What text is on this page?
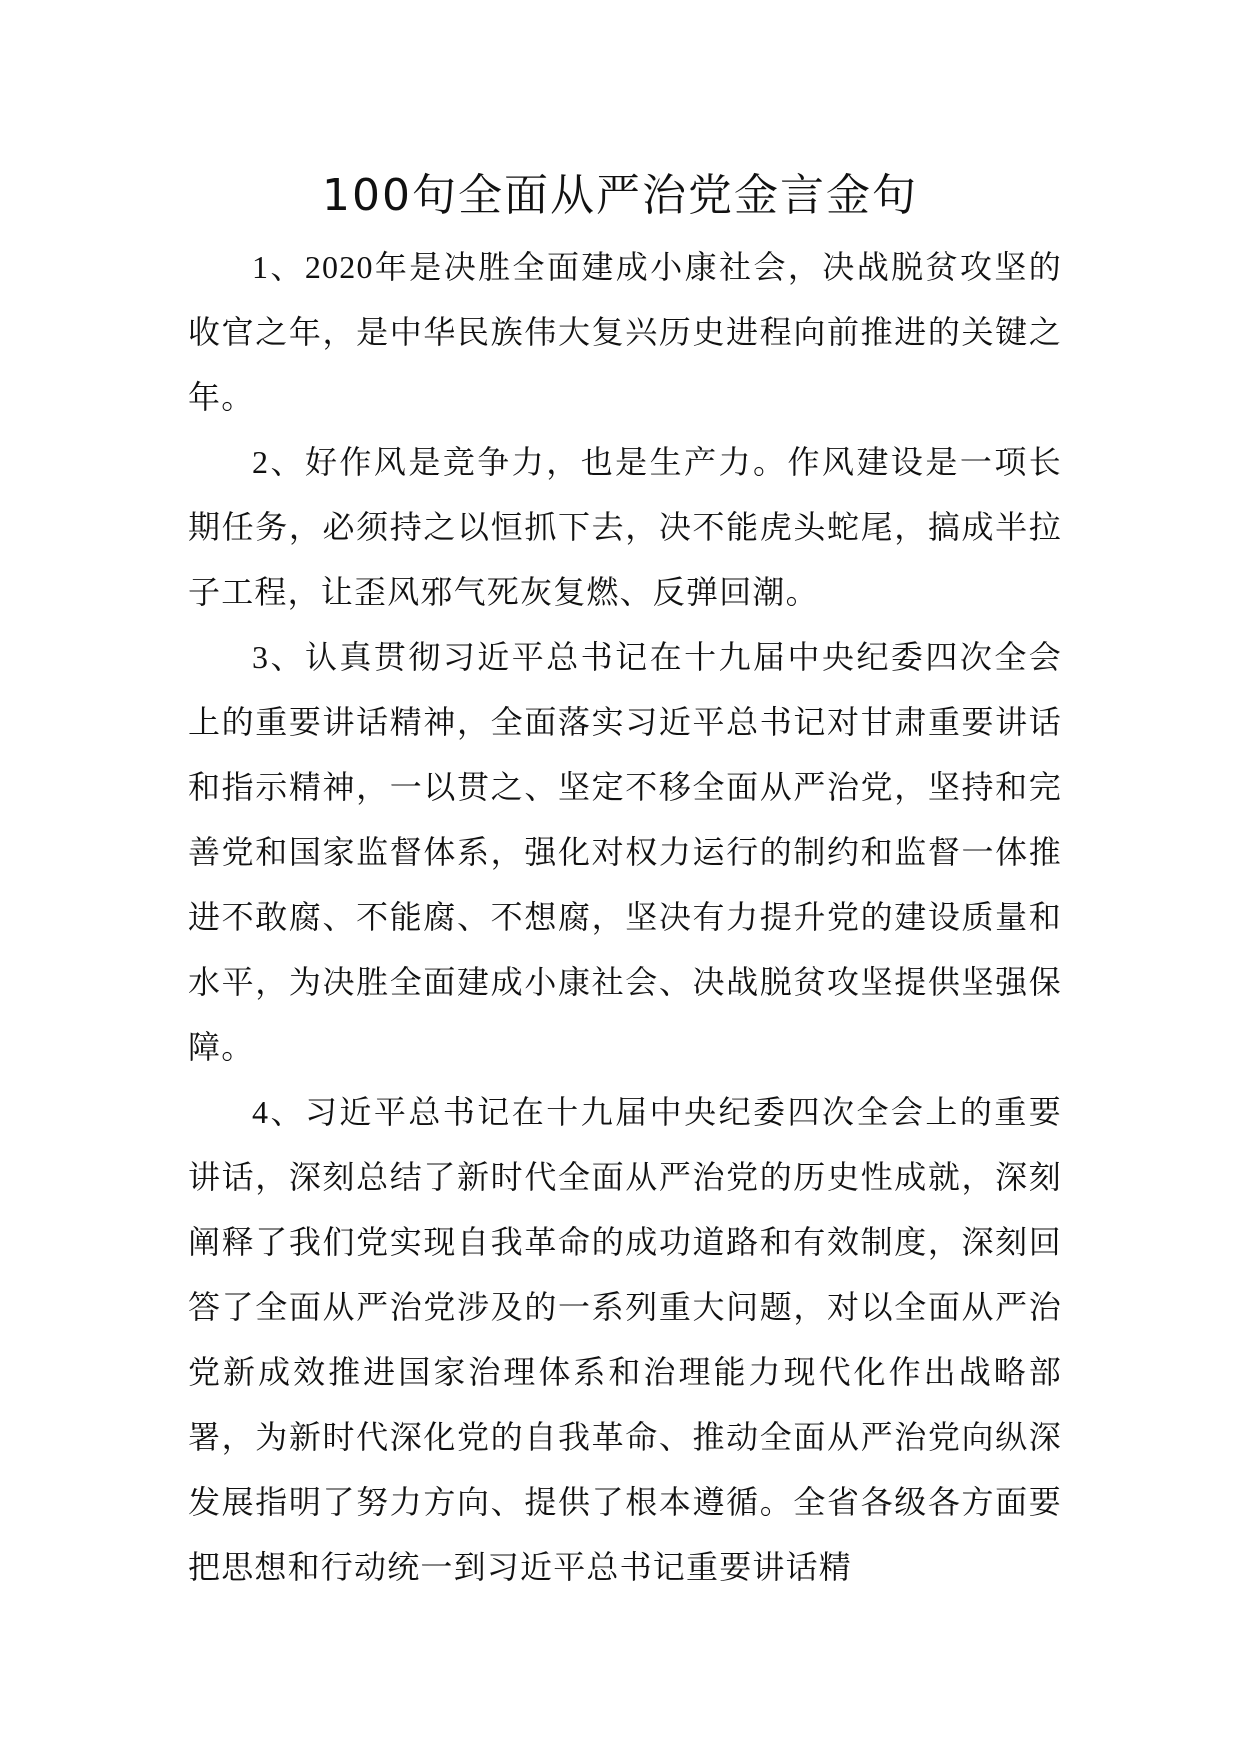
100句全面从严治党金言金句

1、2020年是决胜全面建成小康社会，决战脱贫攻坚的收官之年，是中华民族伟大复兴历史进程向前推进的关键之年。

2、好作风是竞争力，也是生产力。作风建设是一项长期任务，必须持之以恒抓下去，决不能虎头蛇尾，搞成半拉子工程，让歪风邪气死灰复燃、反弹回潮。

3、认真贯彻习近平总书记在十九届中央纪委四次全会上的重要讲话精神，全面落实习近平总书记对甘肃重要讲话和指示精神，一以贯之、坚定不移全面从严治党，坚持和完善党和国家监督体系，强化对权力运行的制约和监督一体推进不敢腐、不能腐、不想腐，坚决有力提升党的建设质量和水平，为决胜全面建成小康社会、决战脱贫攻坚提供坚强保障。

4、习近平总书记在十九届中央纪委四次全会上的重要讲话，深刻总结了新时代全面从严治党的历史性成就，深刻阐释了我们党实现自我革命的成功道路和有效制度，深刻回答了全面从严治党涉及的一系列重大问题，对以全面从严治党新成效推进国家治理体系和治理能力现代化作出战略部署，为新时代深化党的自我革命、推动全面从严治党向纵深发展指明了努力方向、提供了根本遵循。全省各级各方面要把思想和行动统一到习近平总书记重要讲话精
